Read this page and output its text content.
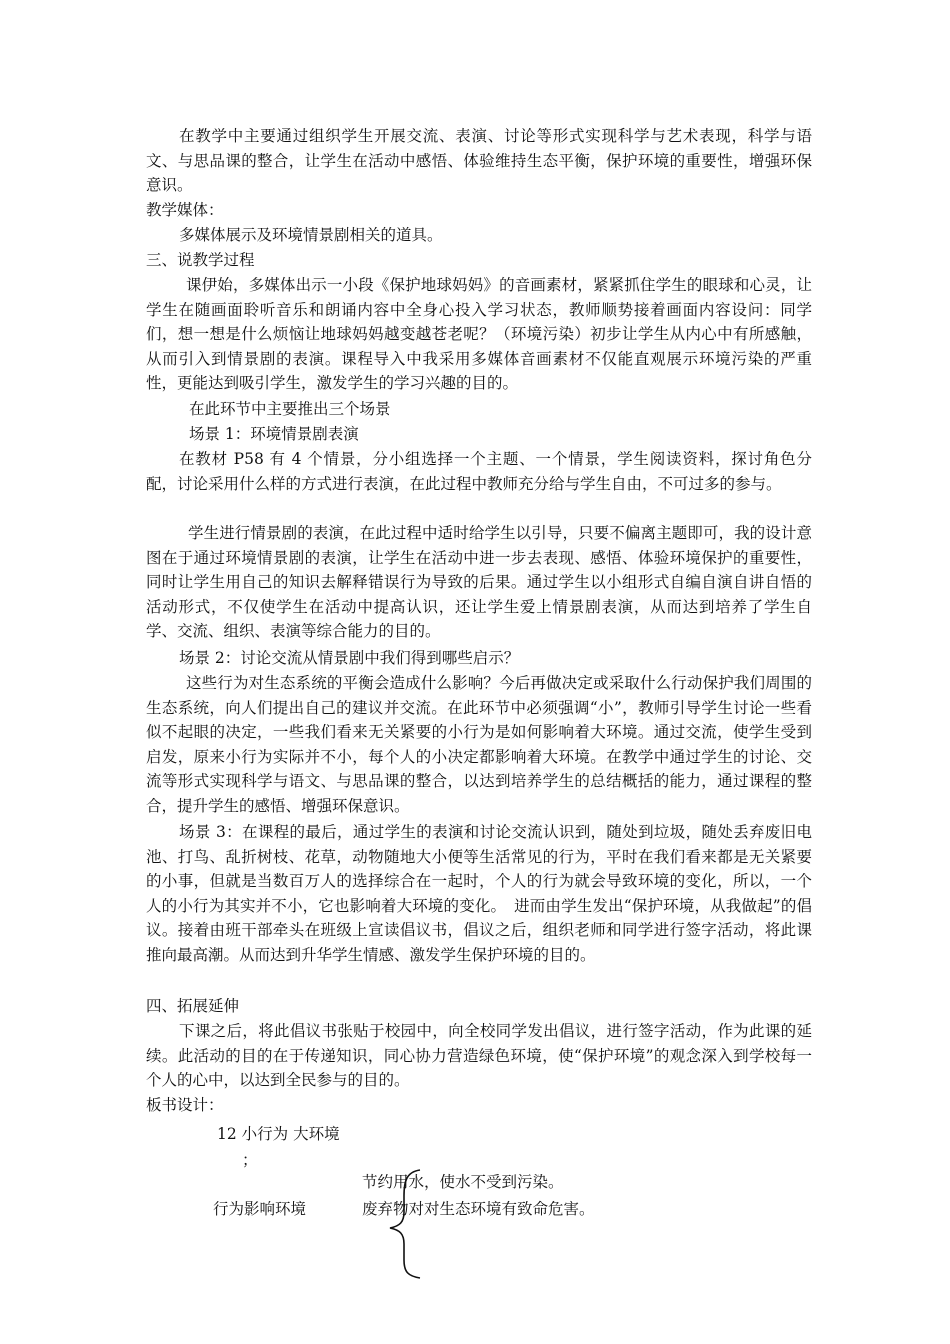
在教学中主要通过组织学生开展交流、表演、讨论等形式实现科学与艺术表现，科学与语文、与思品课的整合，让学生在活动中感悟、体验维持生态平衡，保护环境的重要性，增强环保意识。

教学媒体：

多媒体展示及环境情景剧相关的道具。

三、说教学过程

课伊始，多媒体出示一小段《保护地球妈妈》的音画素材，紧紧抓住学生的眼球和心灵，让学生在随画面聆听音乐和朗诵内容中全身心投入学习状态，教师顺势接着画面内容设问：同学们，想一想是什么烦恼让地球妈妈越变越苍老呢？（环境污染）初步让学生从内心中有所感触，从而引入到情景剧的表演。课程导入中我采用多媒体音画素材不仅能直观展示环境污染的严重性，更能达到吸引学生，激发学生的学习兴趣的目的。

在此环节中主要推出三个场景

场景 1：环境情景剧表演

在教材 P58 有 4 个情景，分小组选择一个主题、一个情景，学生阅读资料，探讨角色分配，讨论采用什么样的方式进行表演，在此过程中教师充分给与学生自由，不可过多的参与。

学生进行情景剧的表演，在此过程中适时给学生以引导，只要不偏离主题即可，我的设计意图在于通过环境情景剧的表演，让学生在活动中进一步去表现、感悟、体验环境保护的重要性，同时让学生用自己的知识去解释错误行为导致的后果。通过学生以小组形式自编自演自讲自悟的活动形式，不仅使学生在活动中提高认识，还让学生爱上情景剧表演，从而达到培养了学生自学、交流、组织、表演等综合能力的目的。

场景 2：讨论交流从情景剧中我们得到哪些启示？

这些行为对生态系统的平衡会造成什么影响？今后再做决定或采取什么行动保护我们周围的生态系统，向人们提出自己的建议并交流。在此环节中必须强调“小”，教师引导学生讨论一些看似不起眼的决定，一些我们看来无关紧要的小行为是如何影响着大环境。通过交流，使学生受到启发，原来小行为实际并不小，每个人的小决定都影响着大环境。在教学中通过学生的讨论、交流等形式实现科学与语文、与思品课的整合，以达到培养学生的总结概括的能力，通过课程的整合，提升学生的感悟、增强环保意识。

场景 3：在课程的最后，通过学生的表演和讨论交流认识到，随处到垃圾，随处丢弃废旧电池、打鸟、乱折树枝、花草，动物随地大小便等生活常见的行为，平时在我们看来都是无关紧要的小事，但就是当数百万人的选择综合在一起时，个人的行为就会导致环境的变化，所以，一个人的小行为其实并不小，它也影响着大环境的变化。　进而由学生发出“保护环境，从我做起”的倡议。接着由班干部牵头在班级上宣读倡议书，倡议之后，组织老师和同学进行签字活动，将此课推向最高潮。从而达到升华学生情感、激发学生保护环境的目的。

四、拓展延伸

下课之后，将此倡议书张贴于校园中，向全校同学发出倡议，进行签字活动，作为此课的延续。此活动的目的在于传递知识，同心协力营造绿色环境，使“保护环境”的观念深入到学校每一个人的心中，以达到全民参与的目的。

板书设计：

12 小行为 大环境
；
节约用水，使水不受到污染。
行为影响环境	废弃物对对生态环境有致命危害。
